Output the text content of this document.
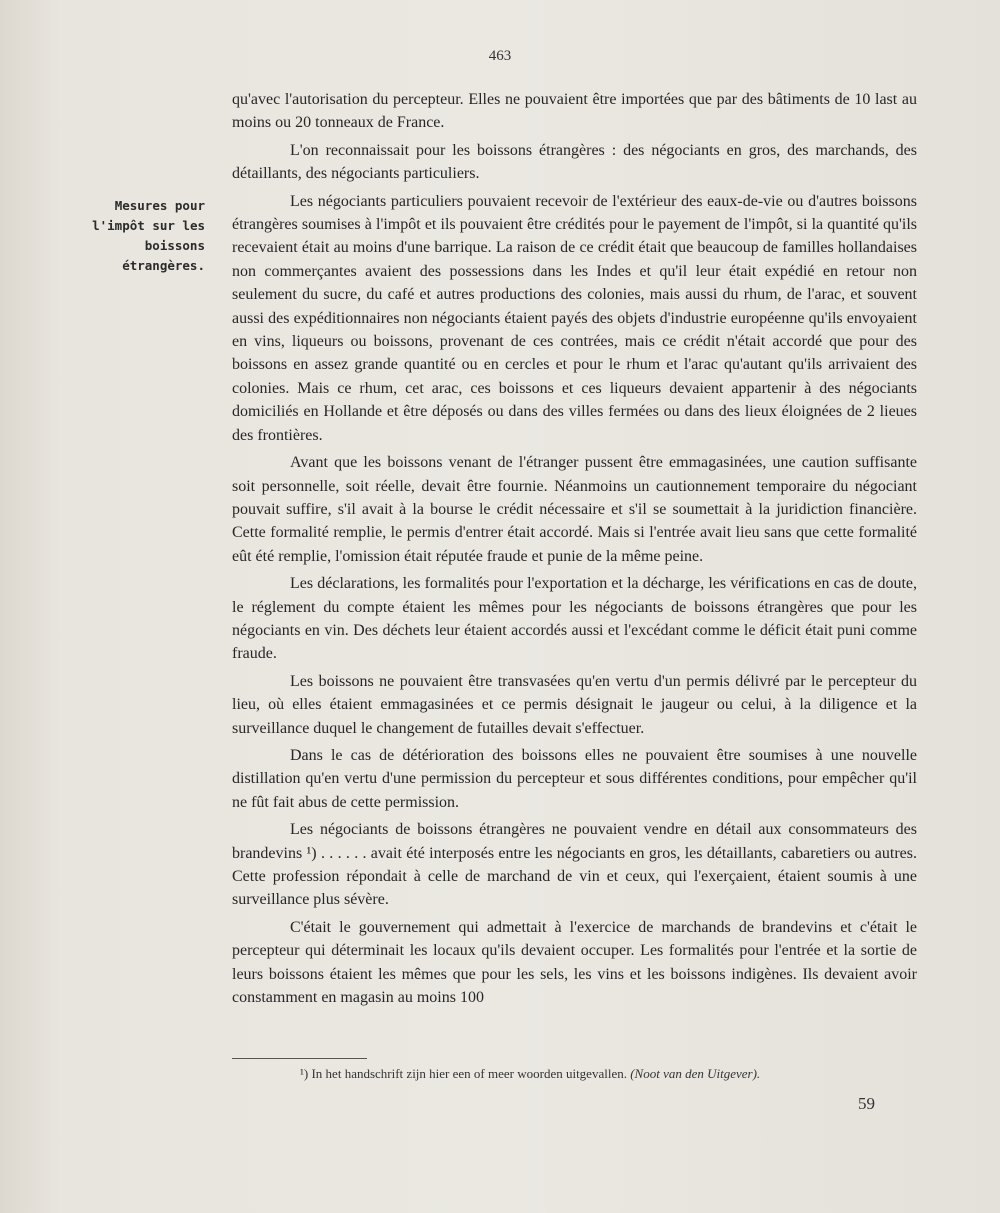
463
Mesures pour
l'impôt sur les
boissons
étrangères.

qu'avec l'autorisation du percepteur. Elles ne pouvaient être importées que par des bâtiments de 10 last au moins ou 20 tonneaux de France.

L'on reconnaissait pour les boissons étrangères : des négociants en gros, des marchands, des détaillants, des négociants particuliers.

Les négociants particuliers pouvaient recevoir de l'extérieur des eaux-de-vie ou d'autres boissons étrangères soumises à l'impôt et ils pouvaient être crédités pour le payement de l'impôt, si la quantité qu'ils recevaient était au moins d'une barrique. La raison de ce crédit était que beaucoup de familles hollandaises non commerçantes avaient des possessions dans les Indes et qu'il leur était expédié en retour non seulement du sucre, du café et autres productions des colonies, mais aussi du rhum, de l'arac, et souvent aussi des expéditionnaires non négociants étaient payés des objets d'industrie européenne qu'ils envoyaient en vins, liqueurs ou boissons, provenant de ces contrées, mais ce crédit n'était accordé que pour des boissons en assez grande quantité ou en cercles et pour le rhum et l'arac qu'autant qu'ils arrivaient des colonies. Mais ce rhum, cet arac, ces boissons et ces liqueurs devaient appartenir à des négociants domiciliés en Hollande et être déposés ou dans des villes fermées ou dans des lieux éloignées de 2 lieues des frontières.

Avant que les boissons venant de l'étranger pussent être emmagasinées, une caution suffisante soit personnelle, soit réelle, devait être fournie. Néanmoins un cautionnement temporaire du négociant pouvait suffire, s'il avait à la bourse le crédit nécessaire et s'il se soumettait à la juridiction financière. Cette formalité remplie, le permis d'entrer était accordé. Mais si l'entrée avait lieu sans que cette formalité eût été remplie, l'omission était réputée fraude et punie de la même peine.

Les déclarations, les formalités pour l'exportation et la décharge, les vérifications en cas de doute, le réglement du compte étaient les mêmes pour les négociants de boissons étrangères que pour les négociants en vin. Des déchets leur étaient accordés aussi et l'excédant comme le déficit était puni comme fraude.

Les boissons ne pouvaient être transvasées qu'en vertu d'un permis délivré par le percepteur du lieu, où elles étaient emmagasinées et ce permis désignait le jaugeur ou celui, à la diligence et la surveillance duquel le changement de futailles devait s'effectuer.

Dans le cas de détérioration des boissons elles ne pouvaient être soumises à une nouvelle distillation qu'en vertu d'une permission du percepteur et sous différentes conditions, pour empêcher qu'il ne fût fait abus de cette permission.

Les négociants de boissons étrangères ne pouvaient vendre en détail aux consommateurs des brandevins ¹) . . . . . . avait été interposés entre les négociants en gros, les détaillants, cabaretiers ou autres. Cette profession répondait à celle de marchand de vin et ceux, qui l'exerçaient, étaient soumis à une surveillance plus sévère.

C'était le gouvernement qui admettait à l'exercice de marchands de brandevins et c'était le percepteur qui déterminait les locaux qu'ils devaient occuper. Les formalités pour l'entrée et la sortie de leurs boissons étaient les mêmes que pour les sels, les vins et les boissons indigènes. Ils devaient avoir constamment en magasin au moins 100

¹) In het handschrift zijn hier een of meer woorden uitgevallen. (Noot van den Uitgever).
59
